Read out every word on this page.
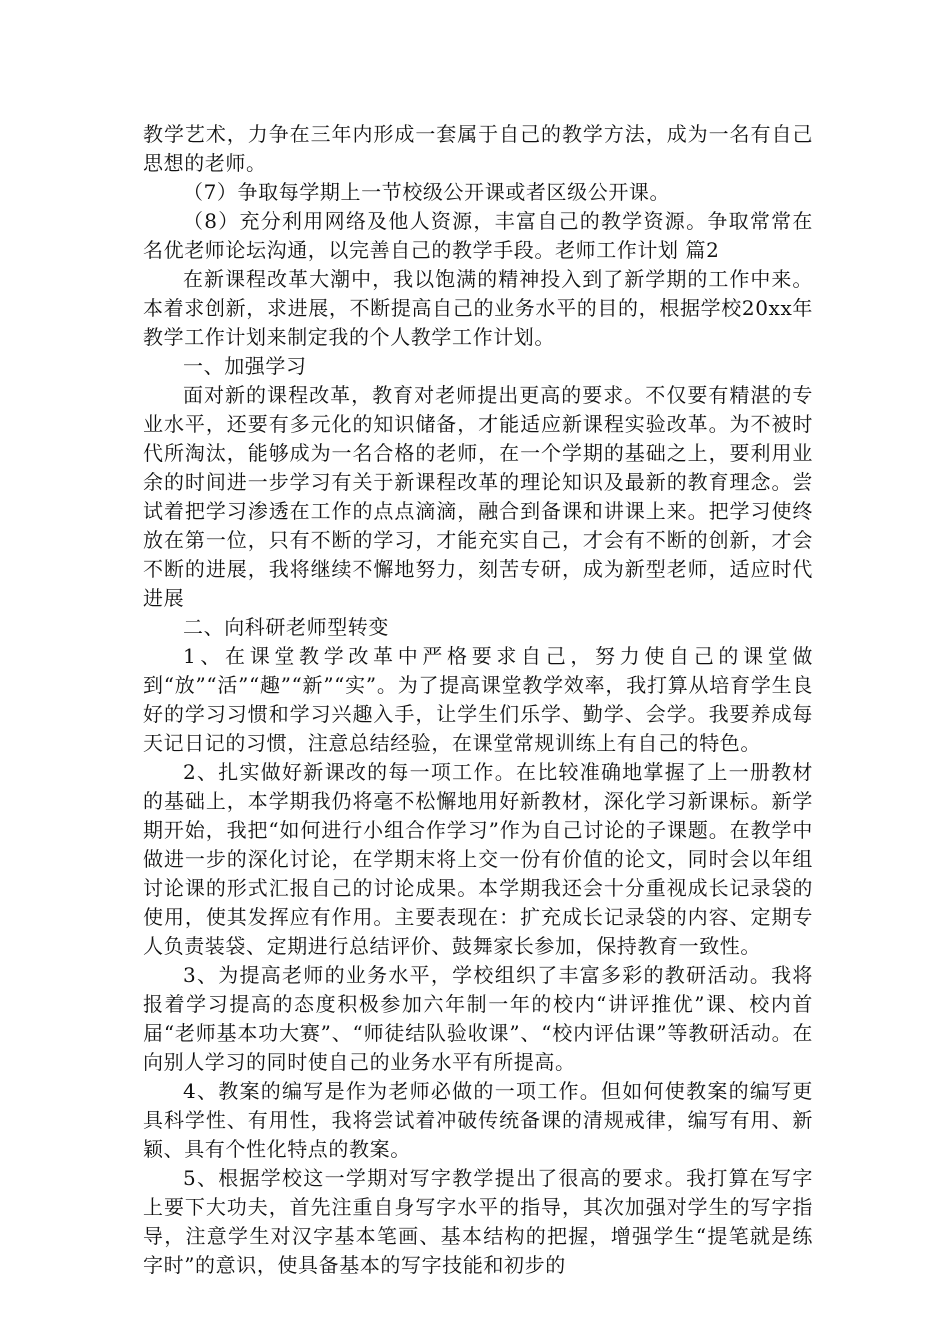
教学艺术，力争在三年内形成一套属于自己的教学方法，成为一名有自己思想的老师。

（7）争取每学期上一节校级公开课或者区级公开课。

（8）充分利用网络及他人资源，丰富自己的教学资源。争取常常在名优老师论坛沟通，以完善自己的教学手段。老师工作计划 篇2

在新课程改革大潮中，我以饱满的精神投入到了新学期的工作中来。本着求创新，求进展，不断提高自己的业务水平的目的，根据学校20xx年教学工作计划来制定我的个人教学工作计划。

一、加强学习

面对新的课程改革，教育对老师提出更高的要求。不仅要有精湛的专业水平，还要有多元化的知识储备，才能适应新课程实验改革。为不被时代所淘汰，能够成为一名合格的老师，在一个学期的基础之上，要利用业余的时间进一步学习有关于新课程改革的理论知识及最新的教育理念。尝试着把学习渗透在工作的点点滴滴，融合到备课和讲课上来。把学习使终放在第一位，只有不断的学习，才能充实自己，才会有不断的创新，才会不断的进展，我将继续不懈地努力，刻苦专研，成为新型老师，适应时代进展

二、向科研老师型转变

1、在课堂教学改革中严格要求自己，努力使自己的课堂做到“放”“活”“趣”“新”“实”。为了提高课堂教学效率，我打算从培育学生良好的学习习惯和学习兴趣入手，让学生们乐学、勤学、会学。我要养成每天记日记的习惯，注意总结经验，在课堂常规训练上有自己的特色。

2、扎实做好新课改的每一项工作。在比较准确地掌握了上一册教材的基础上，本学期我仍将毫不松懈地用好新教材，深化学习新课标。新学期开始，我把“如何进行小组合作学习”作为自己讨论的子课题。在教学中做进一步的深化讨论，在学期末将上交一份有价值的论文，同时会以年组讨论课的形式汇报自己的讨论成果。本学期我还会十分重视成长记录袋的使用，使其发挥应有作用。主要表现在：扩充成长记录袋的内容、定期专人负责装袋、定期进行总结评价、鼓舞家长参加，保持教育一致性。

3、为提高老师的业务水平，学校组织了丰富多彩的教研活动。我将报着学习提高的态度积极参加六年制一年的校内“讲评推优”课、校内首届“老师基本功大赛”、“师徒结队验收课”、“校内评估课”等教研活动。在向别人学习的同时使自己的业务水平有所提高。

4、教案的编写是作为老师必做的一项工作。但如何使教案的编写更具科学性、有用性，我将尝试着冲破传统备课的清规戒律，编写有用、新颖、具有个性化特点的教案。

5、根据学校这一学期对写字教学提出了很高的要求。我打算在写字上要下大功夫，首先注重自身写字水平的指导，其次加强对学生的写字指导，注意学生对汉字基本笔画、基本结构的把握，增强学生“提笔就是练字时”的意识，使具备基本的写字技能和初步的
